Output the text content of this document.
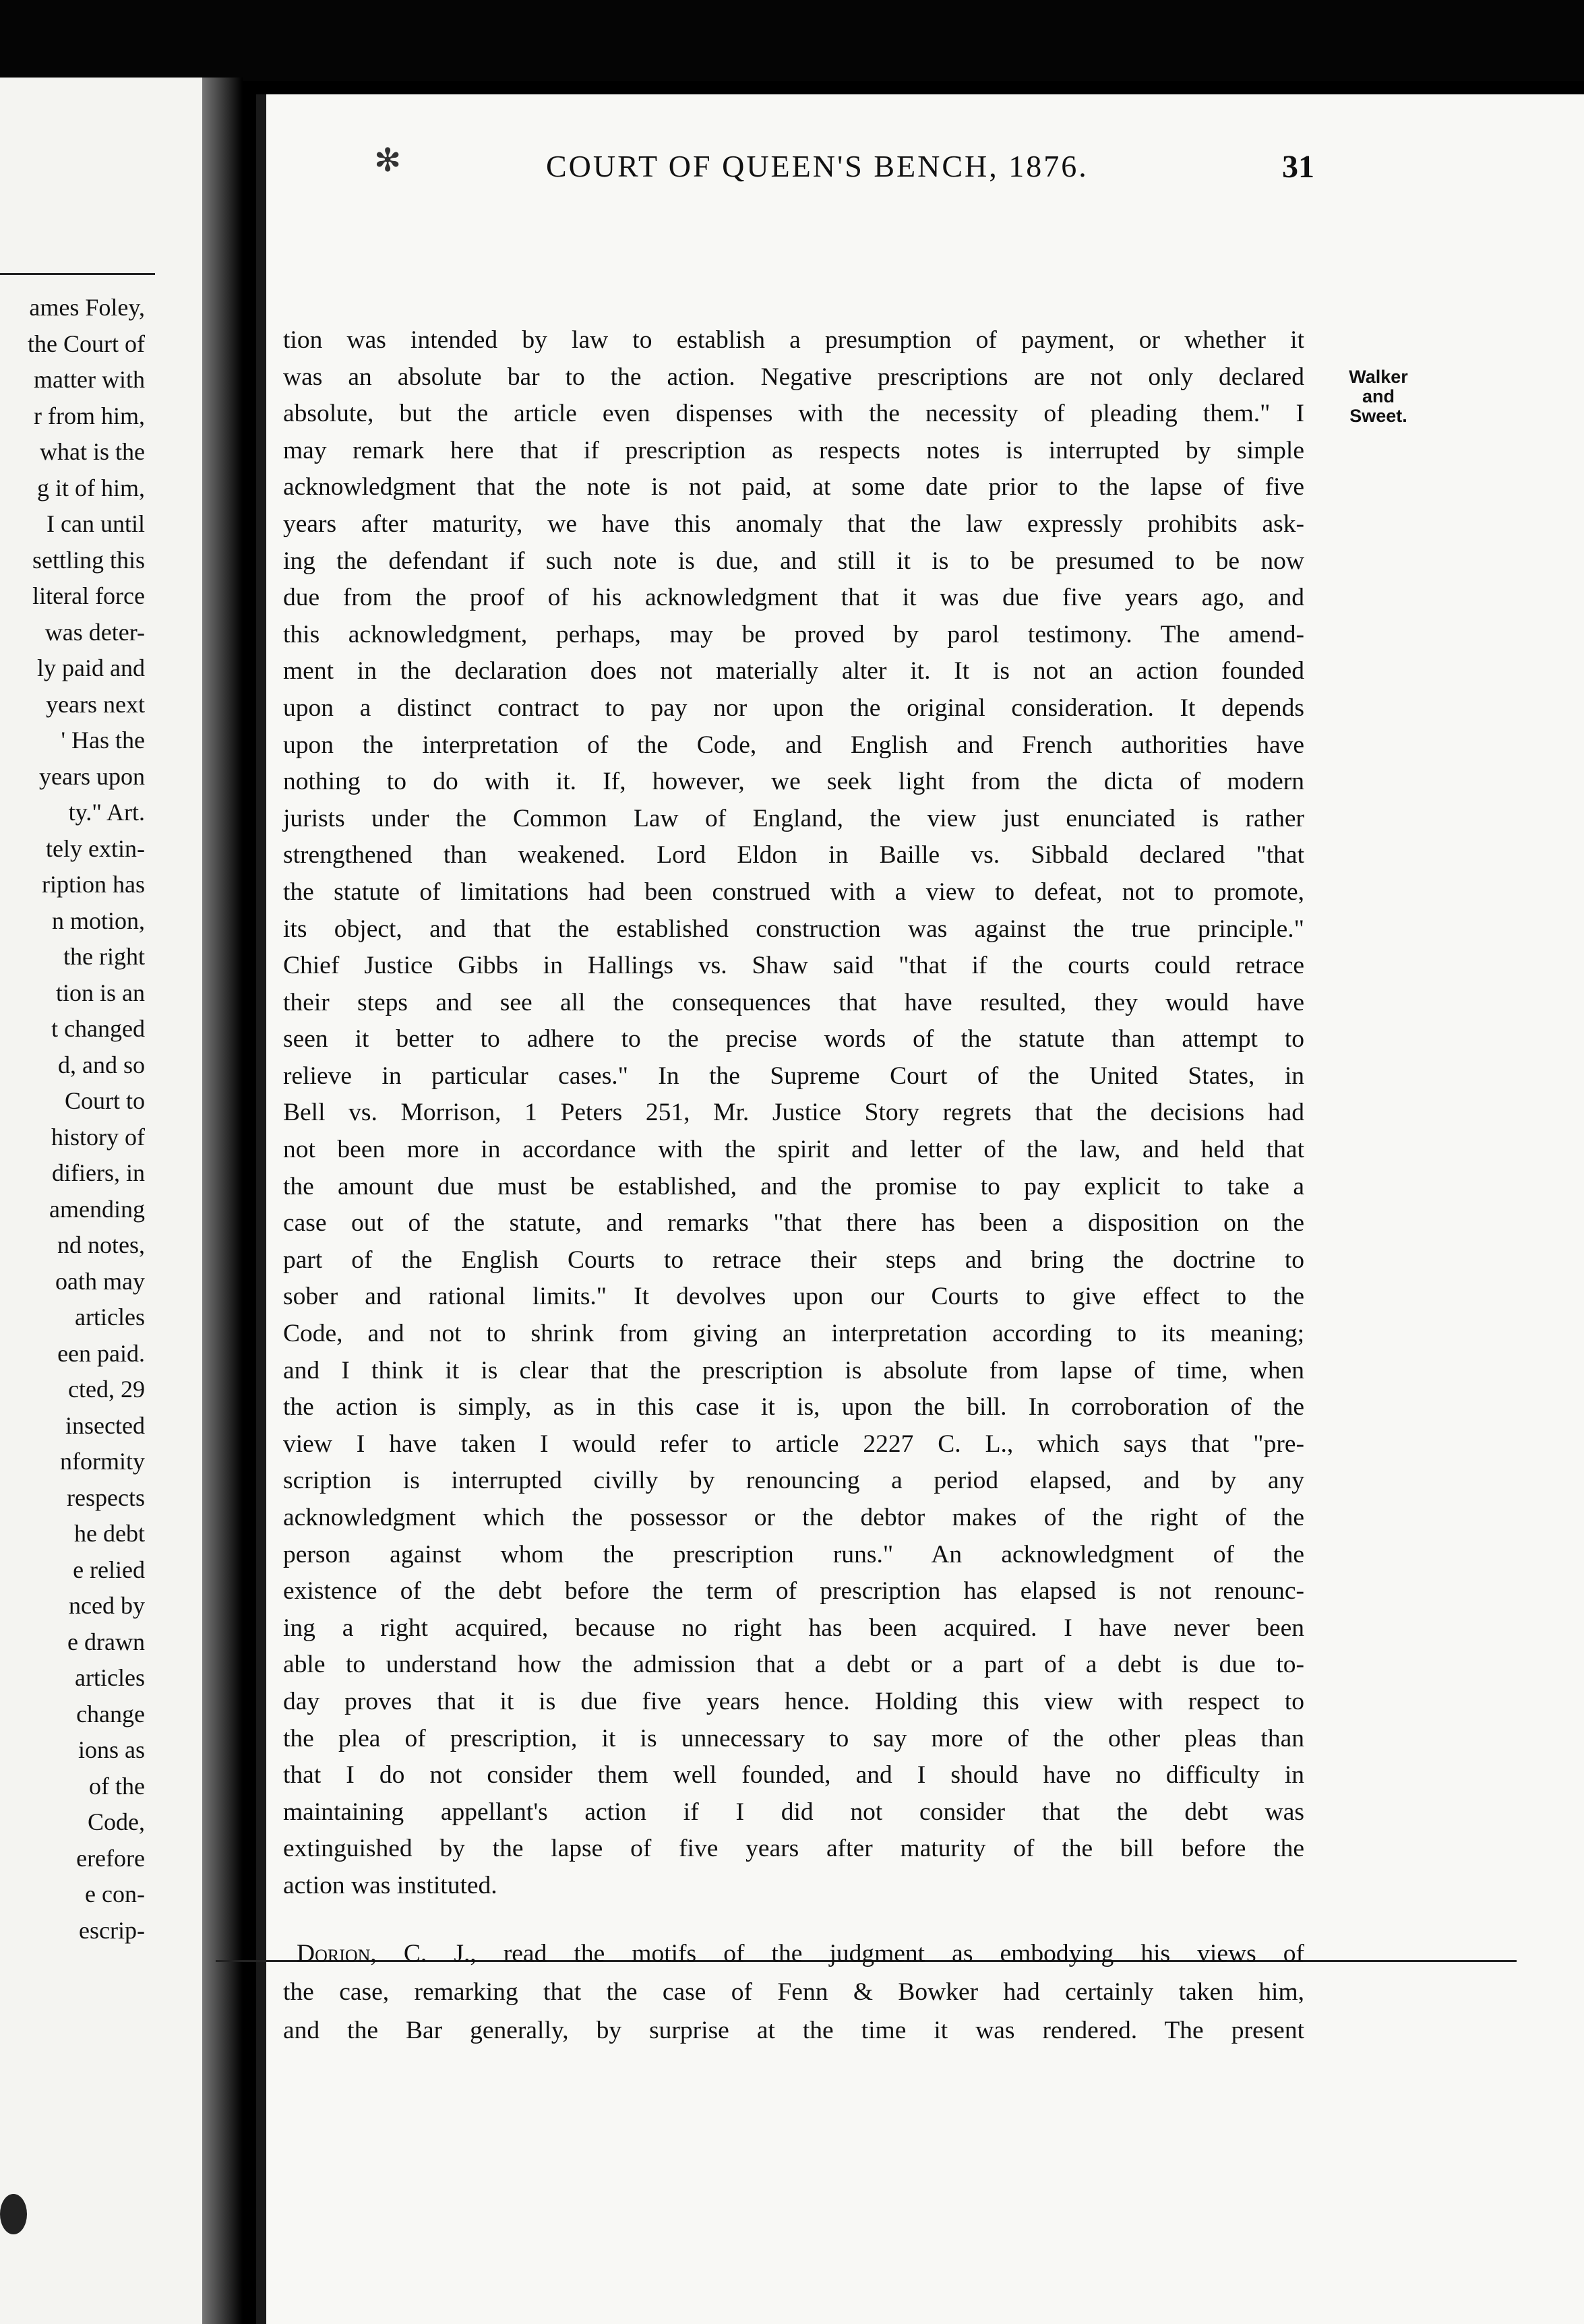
ames Foley,
the Court of
matter with
r from him,
what is the
g it of him,
I can until
settling this
literal force
was deter-
ly paid and
years next
' Has the
years upon
ty." Art.
tely extin-
ription has
n motion,
the right
tion is an
t changed
d, and so
Court to
history of
difiers, in
amending
nd notes,
oath may
articles
een paid.
cted, 29
insected
nformity
respects
he debt
e relied
nced by
e drawn
articles
change
ions as
of the
Code,
erefore
e con-
escrip-
✻	COURT OF QUEEN'S BENCH, 1876.	31
Walker
and
Sweet.
tion was intended by law to establish a presumption of payment, or whether it
was an absolute bar to the action. Negative prescriptions are not only declared
absolute, but the article even dispenses with the necessity of pleading them." I
may remark here that if prescription as respects notes is interrupted by simple
acknowledgment that the note is not paid, at some date prior to the lapse of five
years after maturity, we have this anomaly that the law expressly prohibits ask-
ing the defendant if such note is due, and still it is to be presumed to be now
due from the proof of his acknowledgment that it was due five years ago, and
this acknowledgment, perhaps, may be proved by parol testimony. The amend-
ment in the declaration does not materially alter it. It is not an action founded
upon a distinct contract to pay nor upon the original consideration. It depends
upon the interpretation of the Code, and English and French authorities have
nothing to do with it. If, however, we seek light from the dicta of modern
jurists under the Common Law of England, the view just enunciated is rather
strengthened than weakened. Lord Eldon in Baille vs. Sibbald declared "that
the statute of limitations had been construed with a view to defeat, not to promote,
its object, and that the established construction was against the true principle."
Chief Justice Gibbs in Hallings vs. Shaw said "that if the courts could retrace
their steps and see all the consequences that have resulted, they would have
seen it better to adhere to the precise words of the statute than attempt to
relieve in particular cases." In the Supreme Court of the United States, in
Bell vs. Morrison, 1 Peters 251, Mr. Justice Story regrets that the decisions had
not been more in accordance with the spirit and letter of the law, and held that
the amount due must be established, and the promise to pay explicit to take a
case out of the statute, and remarks "that there has been a disposition on the
part of the English Courts to retrace their steps and bring the doctrine to
sober and rational limits." It devolves upon our Courts to give effect to the
Code, and not to shrink from giving an interpretation according to its meaning;
and I think it is clear that the prescription is absolute from lapse of time, when
the action is simply, as in this case it is, upon the bill. In corroboration of the
view I have taken I would refer to article 2227 C. L., which says that "pre-
scription is interrupted civilly by renouncing a period elapsed, and by any
acknowledgment which the possessor or the debtor makes of the right of the
person against whom the prescription runs." An acknowledgment of the
existence of the debt before the term of prescription has elapsed is not renounc-
ing a right acquired, because no right has been acquired. I have never been
able to understand how the admission that a debt or a part of a debt is due to-
day proves that it is due five years hence. Holding this view with respect to
the plea of prescription, it is unnecessary to say more of the other pleas than
that I do not consider them well founded, and I should have no difficulty in
maintaining appellant's action if I did not consider that the debt was
extinguished by the lapse of five years after maturity of the bill before the
action was instituted.
Dorion, C. J., read the motifs of the judgment as embodying his views of
the case, remarking that the case of Fenn & Bowker had certainly taken him,
and the Bar generally, by surprise at the time it was rendered. The present
